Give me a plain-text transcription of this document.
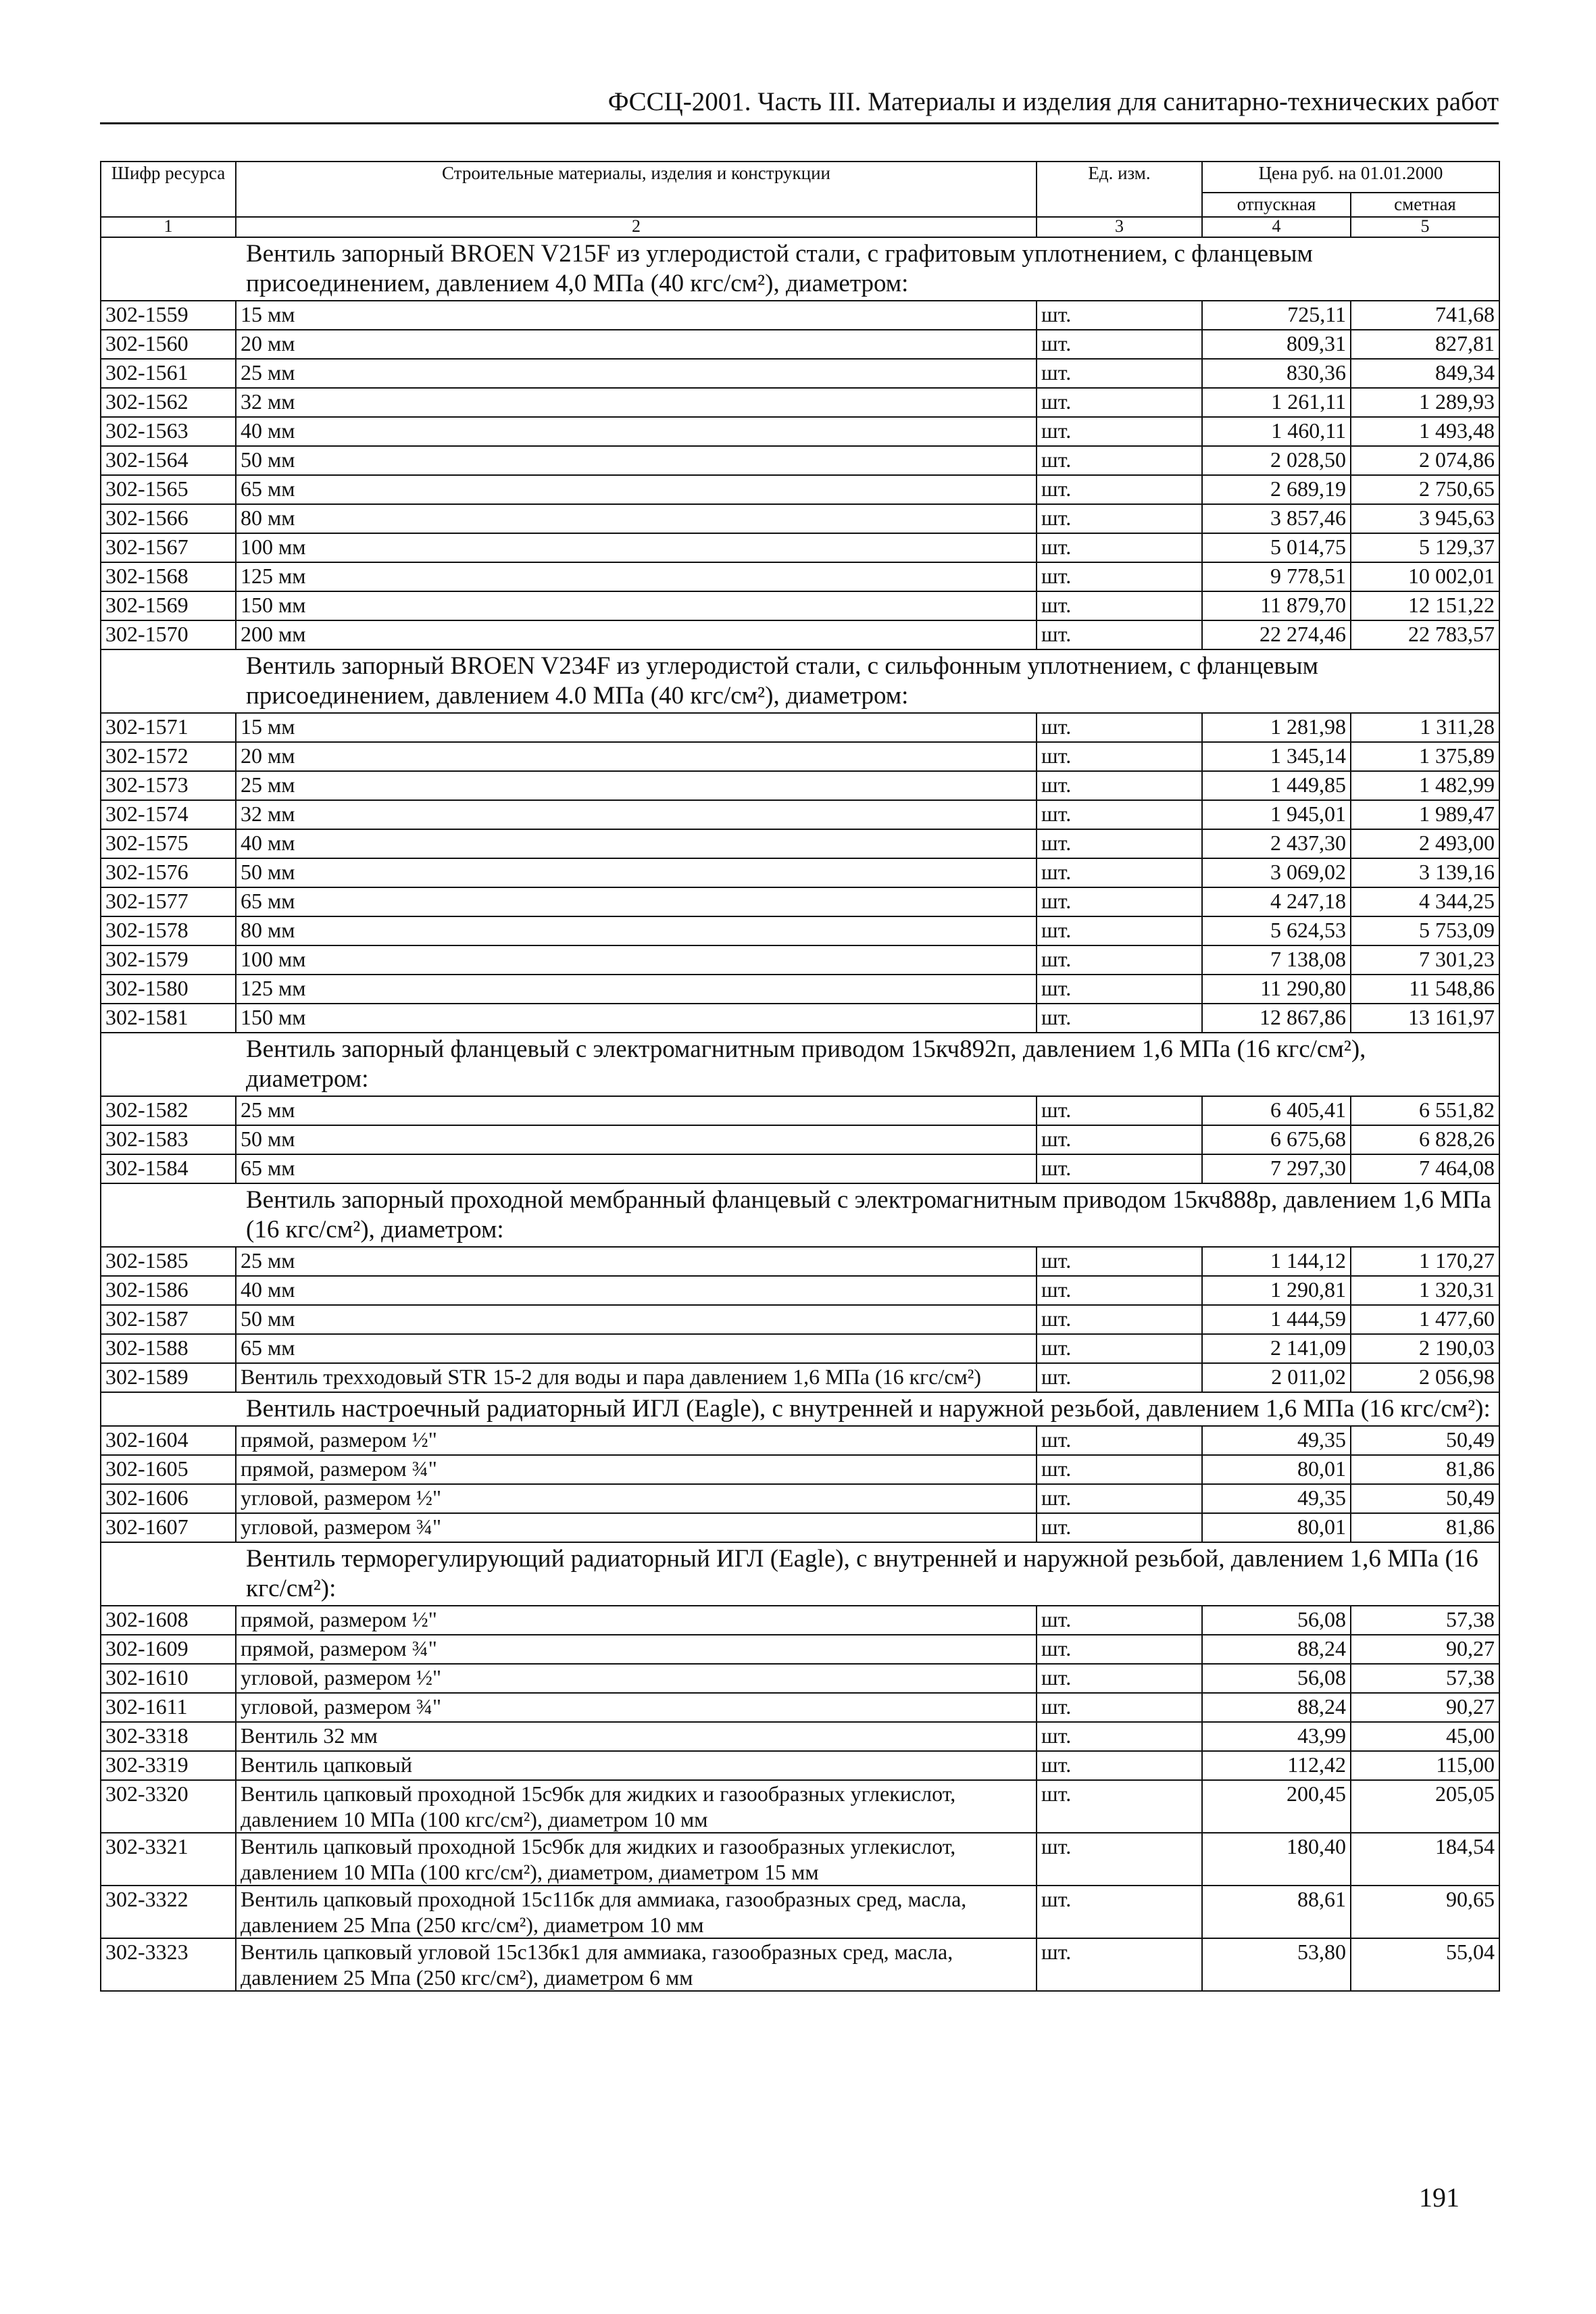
ФССЦ-2001. Часть III. Материалы и изделия для санитарно-технических работ
Шифр ресурса	Строительные материалы, изделия и конструкции	Ед. изм.	Цена руб. на 01.01.2000	
			отпускная	сметная
1	2	3	4	5
Вентиль запорный BROEN V215F из углеродистой стали, с графитовым уплотнением, с фланцевым присоединением, давлением 4,0 МПа (40 кгс/см²), диаметром:				
302-1559	15 мм	шт.	725,11	741,68
302-1560	20 мм	шт.	809,31	827,81
302-1561	25 мм	шт.	830,36	849,34
302-1562	32 мм	шт.	1 261,11	1 289,93
302-1563	40 мм	шт.	1 460,11	1 493,48
302-1564	50 мм	шт.	2 028,50	2 074,86
302-1565	65 мм	шт.	2 689,19	2 750,65
302-1566	80 мм	шт.	3 857,46	3 945,63
302-1567	100 мм	шт.	5 014,75	5 129,37
302-1568	125 мм	шт.	9 778,51	10 002,01
302-1569	150 мм	шт.	11 879,70	12 151,22
302-1570	200 мм	шт.	22 274,46	22 783,57
Вентиль запорный BROEN V234F из углеродистой стали, с сильфонным уплотнением, с фланцевым присоединением, давлением 4.0 МПа (40 кгс/см²), диаметром:				
302-1571	15 мм	шт.	1 281,98	1 311,28
302-1572	20 мм	шт.	1 345,14	1 375,89
302-1573	25 мм	шт.	1 449,85	1 482,99
302-1574	32 мм	шт.	1 945,01	1 989,47
302-1575	40 мм	шт.	2 437,30	2 493,00
302-1576	50 мм	шт.	3 069,02	3 139,16
302-1577	65 мм	шт.	4 247,18	4 344,25
302-1578	80 мм	шт.	5 624,53	5 753,09
302-1579	100 мм	шт.	7 138,08	7 301,23
302-1580	125 мм	шт.	11 290,80	11 548,86
302-1581	150 мм	шт.	12 867,86	13 161,97
Вентиль запорный фланцевый с электромагнитным приводом 15кч892п, давлением 1,6 МПа (16 кгс/см²), диаметром:				
302-1582	25 мм	шт.	6 405,41	6 551,82
302-1583	50 мм	шт.	6 675,68	6 828,26
302-1584	65 мм	шт.	7 297,30	7 464,08
Вентиль запорный проходной мембранный фланцевый с электромагнитным приводом 15кч888р, давлением 1,6 МПа (16 кгс/см²), диаметром:				
302-1585	25 мм	шт.	1 144,12	1 170,27
302-1586	40 мм	шт.	1 290,81	1 320,31
302-1587	50 мм	шт.	1 444,59	1 477,60
302-1588	65 мм	шт.	2 141,09	2 190,03
302-1589	Вентиль трехходовый STR 15-2 для воды и пара давлением 1,6 МПа (16 кгс/см²)	шт.	2 011,02	2 056,98
Вентиль настроечный радиаторный ИГЛ (Eagle), с внутренней и наружной резьбой, давлением 1,6 МПа (16 кгс/см²):				
302-1604	прямой, размером ½"	шт.	49,35	50,49
302-1605	прямой, размером ¾"	шт.	80,01	81,86
302-1606	угловой, размером ½"	шт.	49,35	50,49
302-1607	угловой, размером ¾"	шт.	80,01	81,86
Вентиль терморегулирующий радиаторный ИГЛ (Eagle), с внутренней и наружной резьбой, давлением 1,6 МПа (16 кгс/см²):				
302-1608	прямой, размером ½"	шт.	56,08	57,38
302-1609	прямой, размером ¾"	шт.	88,24	90,27
302-1610	угловой, размером ½"	шт.	56,08	57,38
302-1611	угловой, размером ¾"	шт.	88,24	90,27
302-3318	Вентиль 32 мм	шт.	43,99	45,00
302-3319	Вентиль цапковый	шт.	112,42	115,00
302-3320	Вентиль цапковый проходной 15с9бк для жидких и газообразных углекислот, давлением 10 МПа (100 кгс/см²), диаметром 10 мм	шт.	200,45	205,05
302-3321	Вентиль цапковый проходной 15с9бк для жидких и газообразных углекислот, давлением 10 МПа (100 кгс/см²), диаметром, диаметром 15 мм	шт.	180,40	184,54
302-3322	Вентиль цапковый проходной 15с11бк для аммиака, газообразных сред, масла, давлением 25 Мпа (250 кгс/см²), диаметром 10 мм	шт.	88,61	90,65
302-3323	Вентиль цапковый угловой 15с13бк1 для аммиака, газообразных сред, масла, давлением 25 Мпа (250 кгс/см²), диаметром 6 мм	шт.	53,80	55,04
191
